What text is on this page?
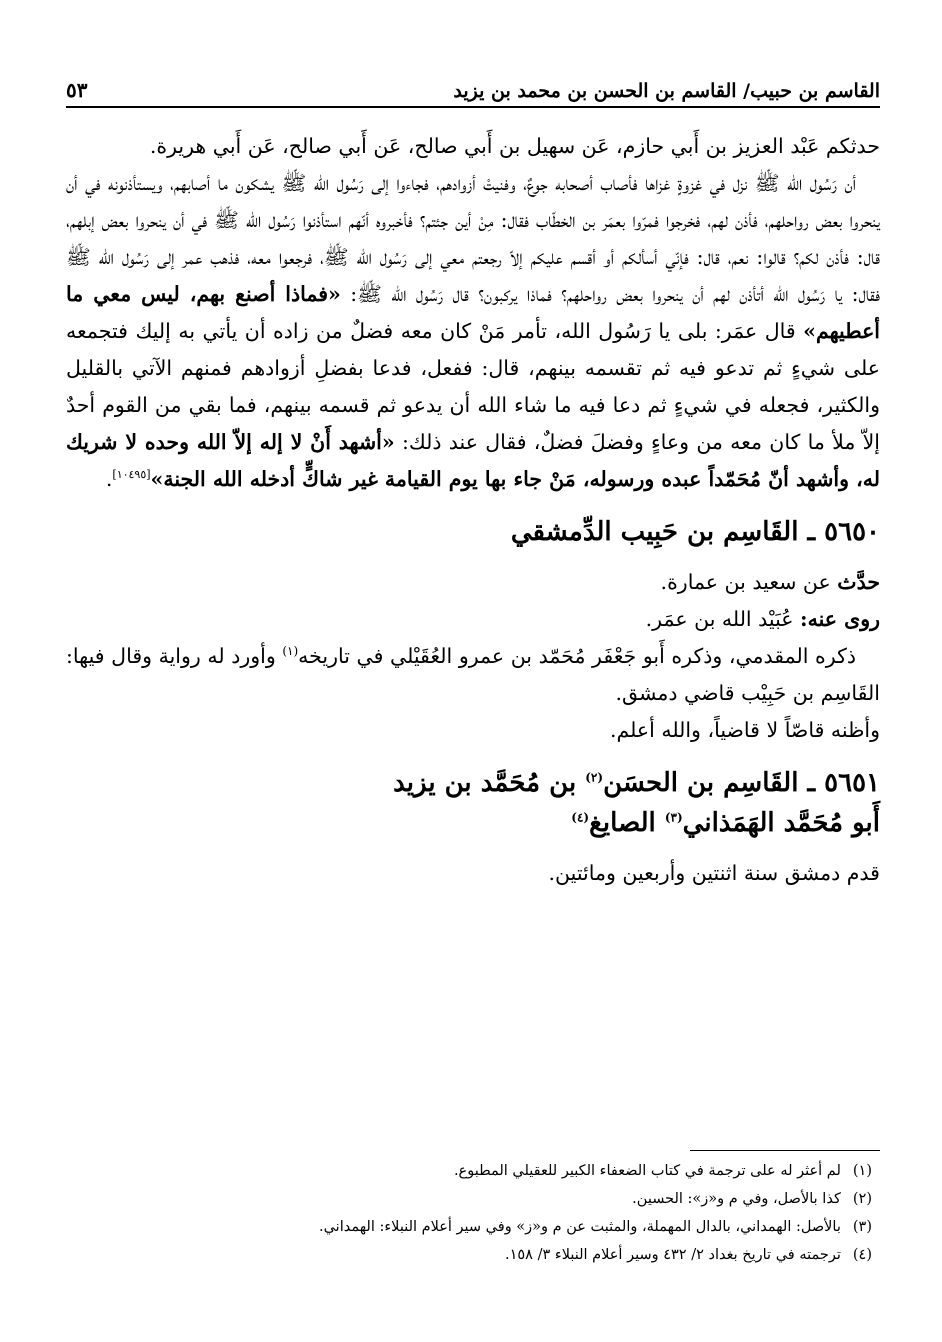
القاسم بن حبيب/ القاسم بن الحسن بن محمد بن يزيد
٥٣

حدثكم عَبْد العزيز بن أَبي حازم، عَن سهيل بن أَبي صالح، عَن أَبي صالح، عَن أَبي هريرة.

أن رَسُول الله ﷺ نزل في غزوةٍ غزاها فأصاب أصحابه جوعٌ، وفنيتْ أزوادهم، فجاءوا إلى رَسُول الله ﷺ يشكون ما أصابهم، ويستأذنونه في أن ينحروا بعض رواحلهم، فأذن لهم، فخرجوا فمرّوا بعمَر بن الخطّاب فقال: مِنْ أين جئتم؟ فأخبروه أنّهم استأذنوا رَسُول الله ﷺ في أن ينحروا بعض إبلهم، قال: فأذن لكم؟ قالوا: نعم، قال: فإنّي أسألكم أو أقسم عليكم إلاّ رجعتم معي إلى رَسُول الله ﷺ، فرجعوا معه، فذهب عمر إلى رَسُول الله ﷺ فقال: يا رَسُول الله أتأذن لهم أن ينحروا بعض رواحلهم؟ فماذا يركبون؟ قال رَسُول الله ﷺ: «فماذا أصنع بهم، ليس معي ما أعطيهم» قال عمَر: بلى يا رَسُول الله، تأمر مَنْ كان معه فضلٌ من زاده أن يأتي به إليك فتجمعه على شيءٍ ثم تدعو فيه ثم تقسمه بينهم، قال: ففعل، فدعا بفضلِ أزوادهم فمنهم الآتي بالقليل والكثير، فجعله في شيءٍ ثم دعا فيه ما شاء الله أن يدعو ثم قسمه بينهم، فما بقي من القوم أحدٌ إلاّ ملأ ما كان معه من وعاءٍ وفضلَ فضلٌ، فقال عند ذلك: «أشهد أَنْ لا إله إلاّ الله وحده لا شريك له، وأشهد أنّ مُحَمّداً عبده ورسوله، مَنْ جاء بها يوم القيامة غير شاكٍّ أدخله الله الجنة»[١٠٤٩٥].

٥٦٥٠ ـ القَاسِم بن حَبِيب الدِّمشقي

حدَّث عن سعيد بن عمارة.

روى عنه: عُبَيْد الله بن عمَر.

ذكره المقدمي، وذكره أَبو جَعْفَر مُحَمّد بن عمرو العُقَيْلي في تاريخه$^{(١)}$ وأورد له رواية وقال فيها: القَاسِم بن حَبِيْب قاضي دمشق.

وأظنه قاصّاً لا قاضياً، والله أعلم.

٥٦٥١ ـ القَاسِم بن الحسَن$^{(٢)}$ بن مُحَمَّد بن يزيد
أَبو مُحَمَّد الهَمَذاني$^{(٣)}$ الصايغ$^{(٤)}$

قدم دمشق سنة اثنتين وأربعين ومائتين.

(١)
لم أعثر له على ترجمة في كتاب الضعفاء الكبير للعقيلي المطبوع.
(٢)
كذا بالأصل، وفي م و«ز»: الحسين.
(٣)
بالأصل: الهمداني، بالدال المهملة، والمثبت عن م و«ز» وفي سير أعلام النبلاء: الهمداني.
(٤)
ترجمته في تاريخ بغداد ٢/ ٤٣٢ وسير أعلام النبلاء ٣/ ١٥٨.
